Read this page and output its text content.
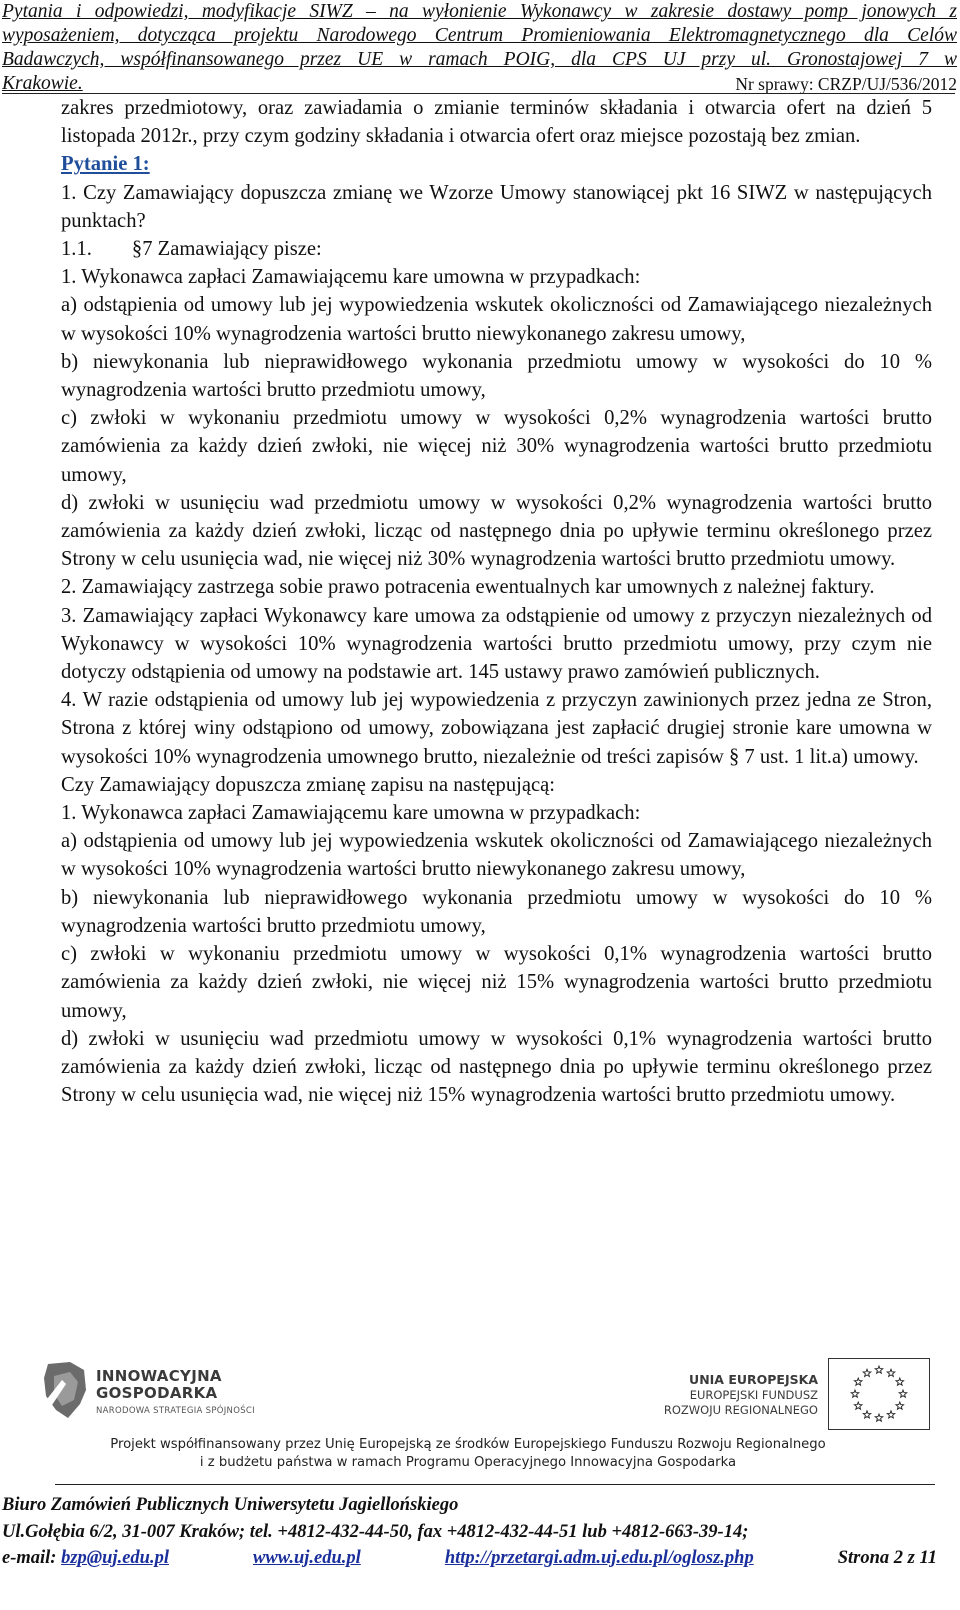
Pytania i odpowiedzi, modyfikacje SIWZ – na wyłonienie Wykonawcy w zakresie dostawy pomp jonowych z
wyposażeniem, dotycząca projektu Narodowego Centrum Promieniowania Elektromagnetycznego dla Celów
Badawczych, współfinansowanego przez UE w ramach POIG, dla CPS UJ przy ul. Gronostajowej 7 w
Krakowie.	Nr sprawy: CRZP/UJ/536/2012

zakres przedmiotowy, oraz zawiadamia o zmianie terminów składania i otwarcia ofert na dzień 5 listopada 2012r., przy czym godziny składania i otwarcia ofert oraz miejsce pozostają bez zmian.

Pytanie 1:

1. Czy Zamawiający dopuszcza zmianę we Wzorze Umowy stanowiącej pkt 16 SIWZ w następujących punktach?

1.1. §7 Zamawiający pisze:

1. Wykonawca zapłaci Zamawiającemu kare umowna w przypadkach:

a) odstąpienia od umowy lub jej wypowiedzenia wskutek okoliczności od Zamawiającego niezależnych w wysokości 10% wynagrodzenia wartości brutto niewykonanego zakresu umowy,

b) niewykonania lub nieprawidłowego wykonania przedmiotu umowy w wysokości do 10 % wynagrodzenia wartości brutto przedmiotu umowy,

c) zwłoki w wykonaniu przedmiotu umowy w wysokości 0,2% wynagrodzenia wartości brutto zamówienia za każdy dzień zwłoki, nie więcej niż 30% wynagrodzenia wartości brutto przedmiotu umowy,

d) zwłoki w usunięciu wad przedmiotu umowy w wysokości 0,2% wynagrodzenia wartości brutto zamówienia za każdy dzień zwłoki, licząc od następnego dnia po upływie terminu określonego przez Strony w celu usunięcia wad, nie więcej niż 30% wynagrodzenia wartości brutto przedmiotu umowy.

2. Zamawiający zastrzega sobie prawo potracenia ewentualnych kar umownych z należnej faktury.

3. Zamawiający zapłaci Wykonawcy kare umowa za odstąpienie od umowy z przyczyn niezależnych od Wykonawcy w wysokości 10% wynagrodzenia wartości brutto przedmiotu umowy, przy czym nie dotyczy odstąpienia od umowy na podstawie art. 145 ustawy prawo zamówień publicznych.

4. W razie odstąpienia od umowy lub jej wypowiedzenia z przyczyn zawinionych przez jedna ze Stron, Strona z której winy odstąpiono od umowy, zobowiązana jest zapłacić drugiej stronie kare umowna w wysokości 10% wynagrodzenia umownego brutto, niezależnie od treści zapisów § 7 ust. 1 lit.a) umowy.

Czy Zamawiający dopuszcza zmianę zapisu na następującą:

1. Wykonawca zapłaci Zamawiającemu kare umowna w przypadkach:

a) odstąpienia od umowy lub jej wypowiedzenia wskutek okoliczności od Zamawiającego niezależnych w wysokości 10% wynagrodzenia wartości brutto niewykonanego zakresu umowy,

b) niewykonania lub nieprawidłowego wykonania przedmiotu umowy w wysokości do 10 % wynagrodzenia wartości brutto przedmiotu umowy,

c) zwłoki w wykonaniu przedmiotu umowy w wysokości 0,1% wynagrodzenia wartości brutto zamówienia za każdy dzień zwłoki, nie więcej niż 15% wynagrodzenia wartości brutto przedmiotu umowy,

d) zwłoki w usunięciu wad przedmiotu umowy w wysokości 0,1% wynagrodzenia wartości brutto zamówienia za każdy dzień zwłoki, licząc od następnego dnia po upływie terminu określonego przez Strony w celu usunięcia wad, nie więcej niż 15% wynagrodzenia wartości brutto przedmiotu umowy.

INNOWACYJNA
GOSPODARKA
NARODOWA STRATEGIA SPÓJNOŚCI
UNIA EUROPEJSKA
EUROPEJSKI FUNDUSZ
ROZWOJU REGIONALNEGO
Projekt współfinansowany przez Unię Europejską ze środków Europejskiego Funduszu Rozwoju Regionalnego
i z budżetu państwa w ramach Programu Operacyjnego Innowacyjna Gospodarka
Biuro Zamówień Publicznych Uniwersytetu Jagiellońskiego
Ul.Gołębia 6/2, 31-007 Kraków; tel. +4812-432-44-50, fax +4812-432-44-51 lub +4812-663-39-14;
e-mail: bzp@uj.edu.pl	www.uj.edu.pl	http://przetargi.adm.uj.edu.pl/oglosz.php	Strona 2 z 11
